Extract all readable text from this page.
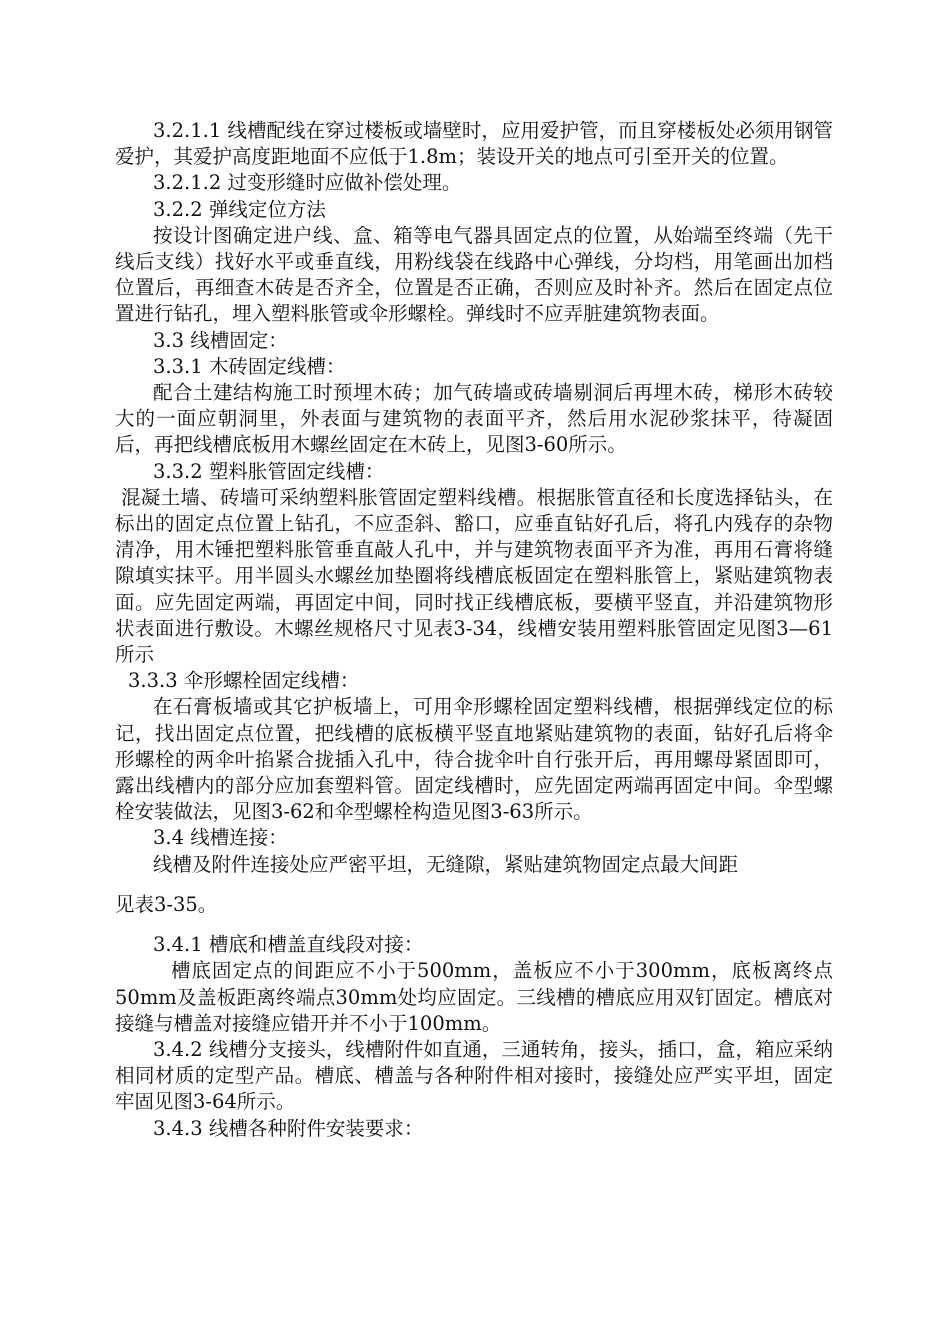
3.2.1.1 线槽配线在穿过楼板或墙壁时，应用爱护管，而且穿楼板处必须用钢管爱护，其爱护高度距地面不应低于1.8m；装设开关的地点可引至开关的位置。

3.2.1.2 过变形缝时应做补偿处理。

3.2.2 弹线定位方法

按设计图确定进户线、盒、箱等电气器具固定点的位置，从始端至终端（先干线后支线）找好水平或垂直线，用粉线袋在线路中心弹线，分均档，用笔画出加档位置后，再细查木砖是否齐全，位置是否正确，否则应及时补齐。然后在固定点位置进行钻孔，埋入塑料胀管或伞形螺栓。弹线时不应弄脏建筑物表面。

3.3 线槽固定：

3.3.1 木砖固定线槽：

配合土建结构施工时预埋木砖；加气砖墙或砖墙剔洞后再埋木砖，梯形木砖较大的一面应朝洞里，外表面与建筑物的表面平齐，然后用水泥砂浆抹平，待凝固后，再把线槽底板用木螺丝固定在木砖上，见图3-60所示。

3.3.2 塑料胀管固定线槽：

混凝土墙、砖墙可采纳塑料胀管固定塑料线槽。根据胀管直径和长度选择钻头，在标出的固定点位置上钻孔，不应歪斜、豁口，应垂直钻好孔后，将孔内残存的杂物清净，用木锤把塑料胀管垂直敲人孔中，并与建筑物表面平齐为准，再用石膏将缝隙填实抹平。用半圆头水螺丝加垫圈将线槽底板固定在塑料胀管上，紧贴建筑物表面。应先固定两端，再固定中间，同时找正线槽底板，要横平竖直，并沿建筑物形状表面进行敷设。木螺丝规格尺寸见表3-34，线槽安装用塑料胀管固定见图3—61所示

3.3.3 伞形螺栓固定线槽：

在石膏板墙或其它护板墙上，可用伞形螺栓固定塑料线槽，根据弹线定位的标记，找出固定点位置，把线槽的底板横平竖直地紧贴建筑物的表面，钻好孔后将伞形螺栓的两伞叶掐紧合拢插入孔中，待合拢伞叶自行张开后，再用螺母紧固即可，露出线槽内的部分应加套塑料管。固定线槽时，应先固定两端再固定中间。伞型螺栓安装做法，见图3-62和伞型螺栓构造见图3-63所示。

3.4 线槽连接：

线槽及附件连接处应严密平坦，无缝隙，紧贴建筑物固定点最大间距

见表3-35。

3.4.1 槽底和槽盖直线段对接：

槽底固定点的间距应不小于500mm，盖板应不小于300mm，底板离终点50mm及盖板距离终端点30mm处均应固定。三线槽的槽底应用双钉固定。槽底对接缝与槽盖对接缝应错开并不小于100mm。

3.4.2 线槽分支接头，线槽附件如直通，三通转角，接头，插口，盒，箱应采纳相同材质的定型产品。槽底、槽盖与各种附件相对接时，接缝处应严实平坦，固定牢固见图3-64所示。

3.4.3 线槽各种附件安装要求：
